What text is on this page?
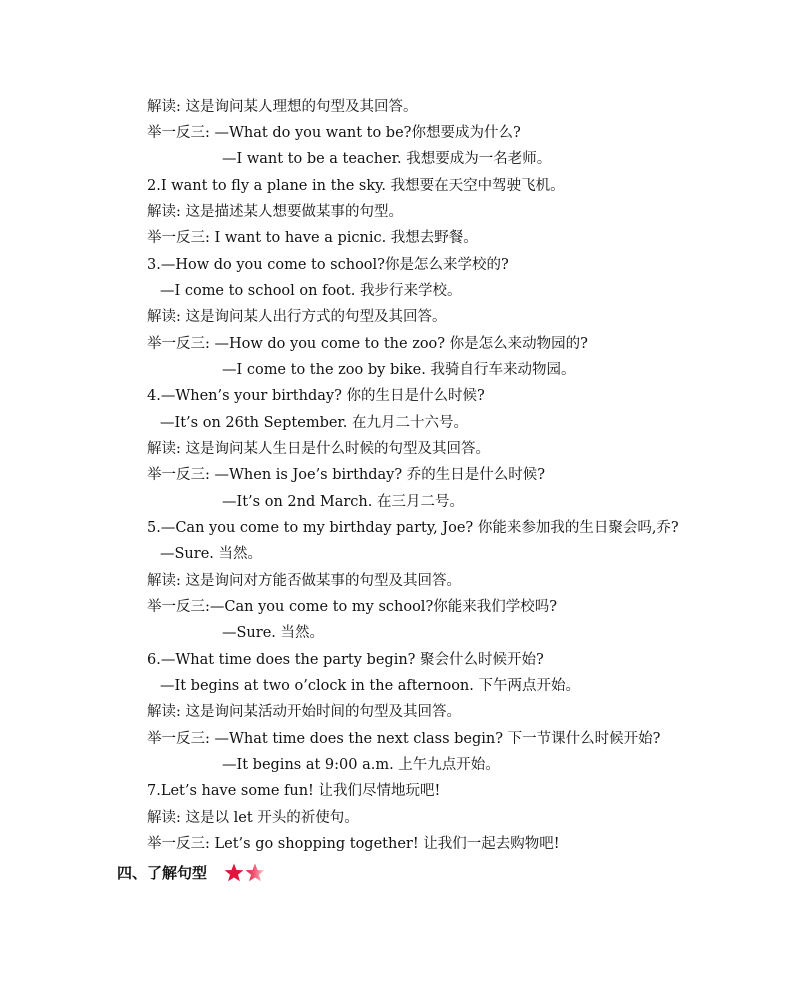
解读: 这是询问某人理想的句型及其回答。
举一反三: —What do you want to be?你想要成为什么?
—I want to be a teacher. 我想要成为一名老师。
2.I want to fly a plane in the sky. 我想要在天空中驾驶飞机。
解读: 这是描述某人想要做某事的句型。
举一反三: I want to have a picnic. 我想去野餐。
3.—How do you come to school?你是怎么来学校的?
—I come to school on foot. 我步行来学校。
解读: 这是询问某人出行方式的句型及其回答。
举一反三: —How do you come to the zoo? 你是怎么来动物园的?
—I come to the zoo by bike. 我骑自行车来动物园。
4.—When’s your birthday? 你的生日是什么时候?
—It’s on 26th September. 在九月二十六号。
解读: 这是询问某人生日是什么时候的句型及其回答。
举一反三: —When is Joe’s birthday? 乔的生日是什么时候?
—It’s on 2nd March. 在三月二号。
5.—Can you come to my birthday party, Joe? 你能来参加我的生日聚会吗,乔?
—Sure. 当然。
解读: 这是询问对方能否做某事的句型及其回答。
举一反三:—Can you come to my school?你能来我们学校吗?
—Sure. 当然。
6.—What time does the party begin? 聚会什么时候开始?
—It begins at two o’clock in the afternoon. 下午两点开始。
解读: 这是询问某活动开始时间的句型及其回答。
举一反三: —What time does the next class begin? 下一节课什么时候开始?
—It begins at 9:00 a.m. 上午九点开始。
7.Let’s have some fun! 让我们尽情地玩吧!
解读: 这是以 let 开头的祈使句。
举一反三: Let’s go shopping together! 让我们一起去购物吧!
四、了解句型
